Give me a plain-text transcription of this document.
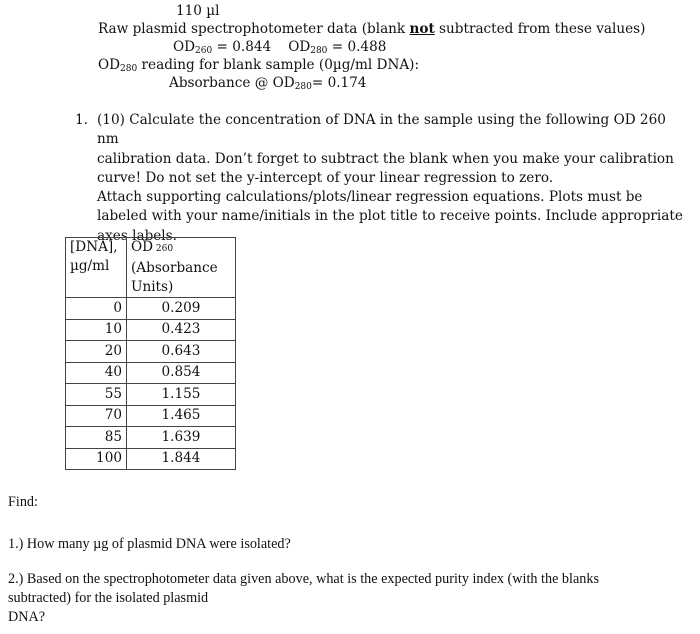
110 µl
Raw plasmid spectrophotometer data (blank not subtracted from these values)
$OD_{260} = 0.844$ $OD_{280} = 0.488$
$OD_{280}$ reading for blank sample (0µg/ml DNA):
Absorbance @ $OD_{280}= 0.174$
1. (10) Calculate the concentration of DNA in the sample using the following OD 260 nm

calibration data. Don’t forget to subtract the blank when you make your calibration

curve! Do not set the y-intercept of your linear regression to zero.

Attach supporting calculations/plots/linear regression equations. Plots must be

labeled with your name/initials in the plot title to receive points. Include appropriate

axes labels.

[DNA],
µg/ml	OD 260
(Absorbance
Units)
0	0.209
10	0.423
20	0.643
40	0.854
55	1.155
70	1.465
85	1.639
100	1.844
Find:
1.) How many µg of plasmid DNA were isolated?
2.) Based on the spectrophotometer data given above, what is the expected purity index (with the blanks
subtracted) for the isolated plasmid
DNA?
